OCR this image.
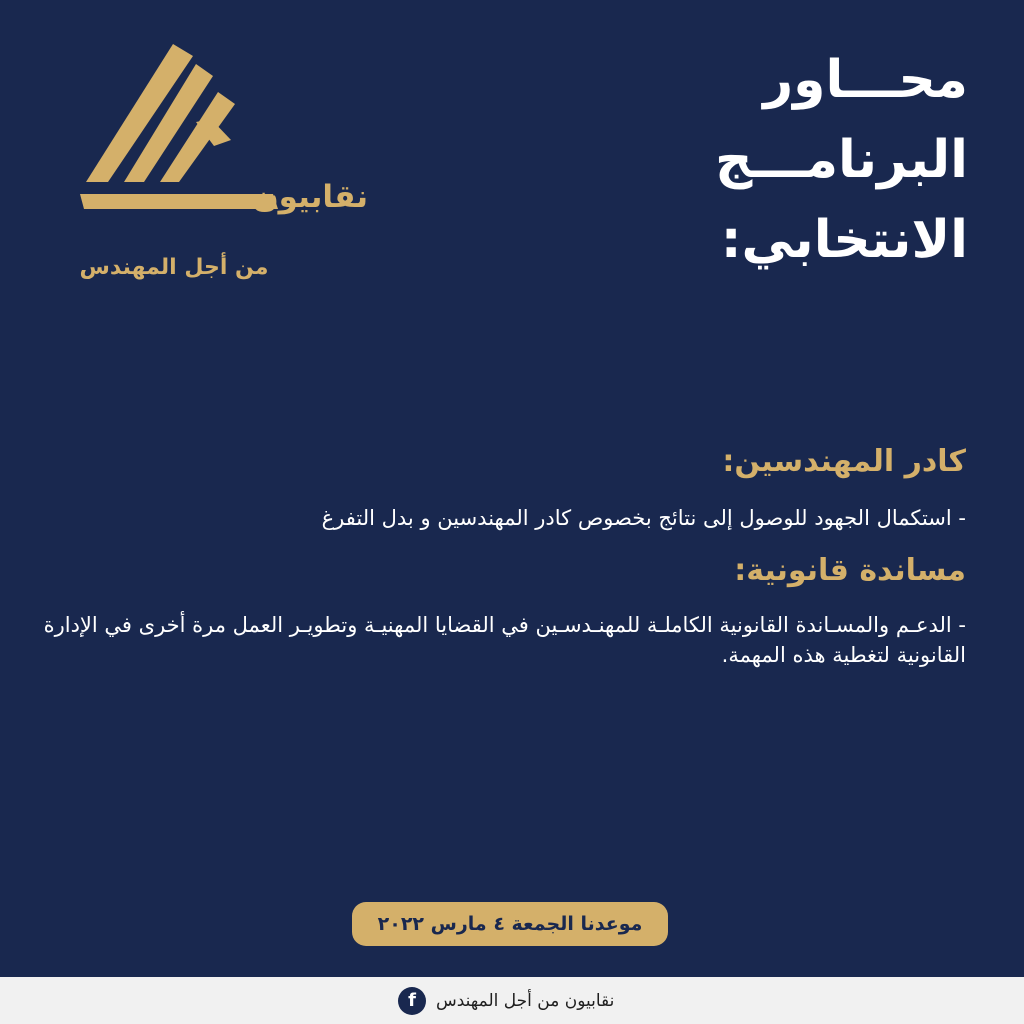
نقابيون
من أجل المهندس
محـــاور
البرنامـــج
الانتخابي:
كادر المهندسين:
- استكمال الجهود للوصول إلى نتائج بخصوص كادر المهندسين و بدل التفرغ
مساندة قانونية:
- الدعـم والمسـاندة القانونية الكاملـة للمهنـدسـين في القضايا المهنيـة وتطويـر العمل مرة أخرى في الإدارة القانونية لتغطية هذه المهمة.
موعدنا الجمعة ٤ مارس ٢٠٢٢
f	نقابيون من أجل المهندس
